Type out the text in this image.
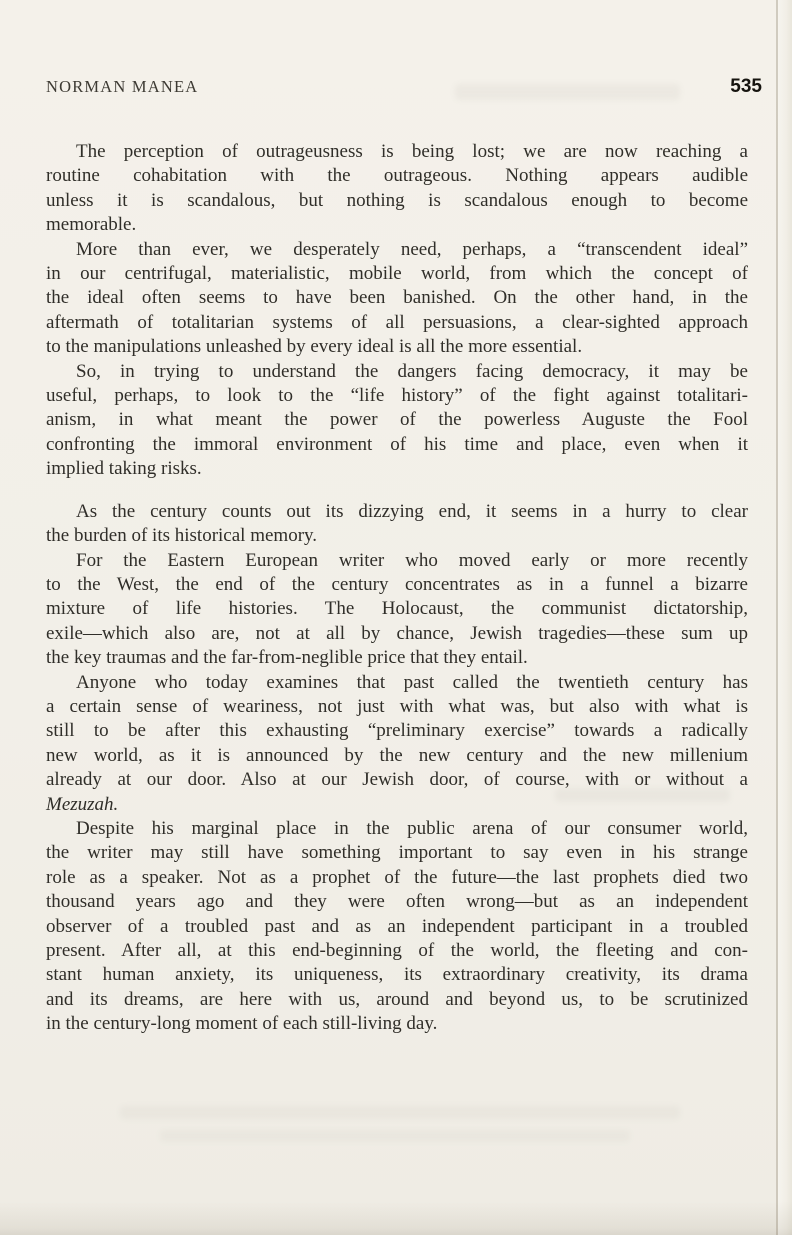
NORMAN MANEA	535
The perception of outrageusness is being lost; we are now reaching a
routine cohabitation with the outrageous. Nothing appears audible
unless it is scandalous, but nothing is scandalous enough to become
memorable.
More than ever, we desperately need, perhaps, a “transcendent ideal”
in our centrifugal, materialistic, mobile world, from which the concept of
the ideal often seems to have been banished. On the other hand, in the
aftermath of totalitarian systems of all persuasions, a clear-sighted approach
to the manipulations unleashed by every ideal is all the more essential.
So, in trying to understand the dangers facing democracy, it may be
useful, perhaps, to look to the “life history” of the fight against totalitari-
anism, in what meant the power of the powerless Auguste the Fool
confronting the immoral environment of his time and place, even when it
implied taking risks.
As the century counts out its dizzying end, it seems in a hurry to clear
the burden of its historical memory.
For the Eastern European writer who moved early or more recently
to the West, the end of the century concentrates as in a funnel a bizarre
mixture of life histories. The Holocaust, the communist dictatorship,
exile—which also are, not at all by chance, Jewish tragedies—these sum up
the key traumas and the far-from-neglible price that they entail.
Anyone who today examines that past called the twentieth century has
a certain sense of weariness, not just with what was, but also with what is
still to be after this exhausting “preliminary exercise” towards a radically
new world, as it is announced by the new century and the new millenium
already at our door. Also at our Jewish door, of course, with or without a
Mezuzah.
Despite his marginal place in the public arena of our consumer world,
the writer may still have something important to say even in his strange
role as a speaker. Not as a prophet of the future—the last prophets died two
thousand years ago and they were often wrong—but as an independent
observer of a troubled past and as an independent participant in a troubled
present. After all, at this end-beginning of the world, the fleeting and con-
stant human anxiety, its uniqueness, its extraordinary creativity, its drama
and its dreams, are here with us, around and beyond us, to be scrutinized
in the century-long moment of each still-living day.
